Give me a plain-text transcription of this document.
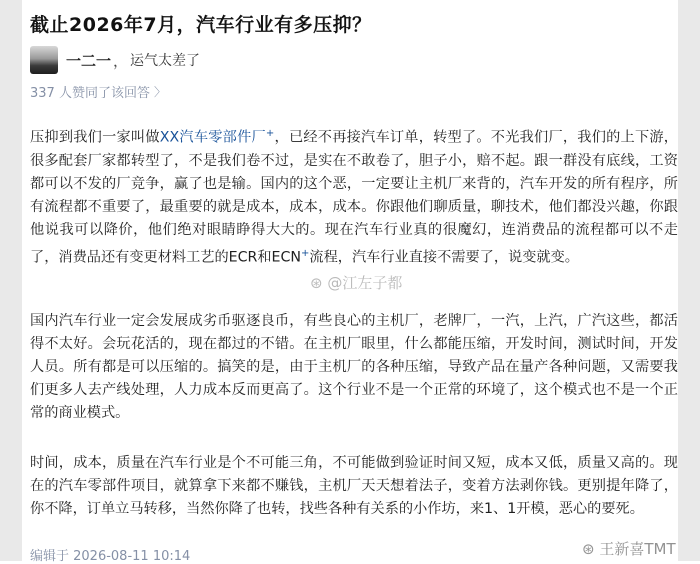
截止2026年7月，汽车行业有多压抑？
一二一 ， 运气太差了
337 人赞同了该回答 〉

压抑到我们一家叫做XX汽车零部件厂+，已经不再接汽车订单，转型了。不光我们厂，我们的上下游，很多配套厂家都转型了，不是我们卷不过，是实在不敢卷了，胆子小，赔不起。跟一群没有底线，工资都可以不发的厂竞争，赢了也是输。国内的这个恶，一定要让主机厂来背的，汽车开发的所有程序，所有流程都不重要了，最重要的就是成本，成本，成本。你跟他们聊质量，聊技术，他们都没兴趣，你跟他说我可以降价，他们绝对眼睛睁得大大的。现在汽车行业真的很魔幻，连消费品的流程都可以不走了，消费品还有变更材料工艺的ECR和ECN+流程，汽车行业直接不需要了，说变就变。

⊛ @江左子都

国内汽车行业一定会发展成劣币驱逐良币，有些良心的主机厂，老牌厂，一汽，上汽，广汽这些，都活得不太好。会玩花活的，现在都过的不错。在主机厂眼里，什么都能压缩，开发时间，测试时间，开发人员。所有都是可以压缩的。搞笑的是，由于主机厂的各种压缩，导致产品在量产各种问题，又需要我们更多人去产线处理，人力成本反而更高了。这个行业不是一个正常的环境了，这个模式也不是一个正常的商业模式。

时间，成本，质量在汽车行业是个不可能三角，不可能做到验证时间又短，成本又低，质量又高的。现在的汽车零部件项目，就算拿下来都不赚钱，主机厂天天想着法子，变着方法剥你钱。更别提年降了，你不降，订单立马转移，当然你降了也转，找些各种有关系的小作坊，来1、1开模，恶心的要死。

编辑于 2026-08-11 10:14	⊛ 王新喜TMT
